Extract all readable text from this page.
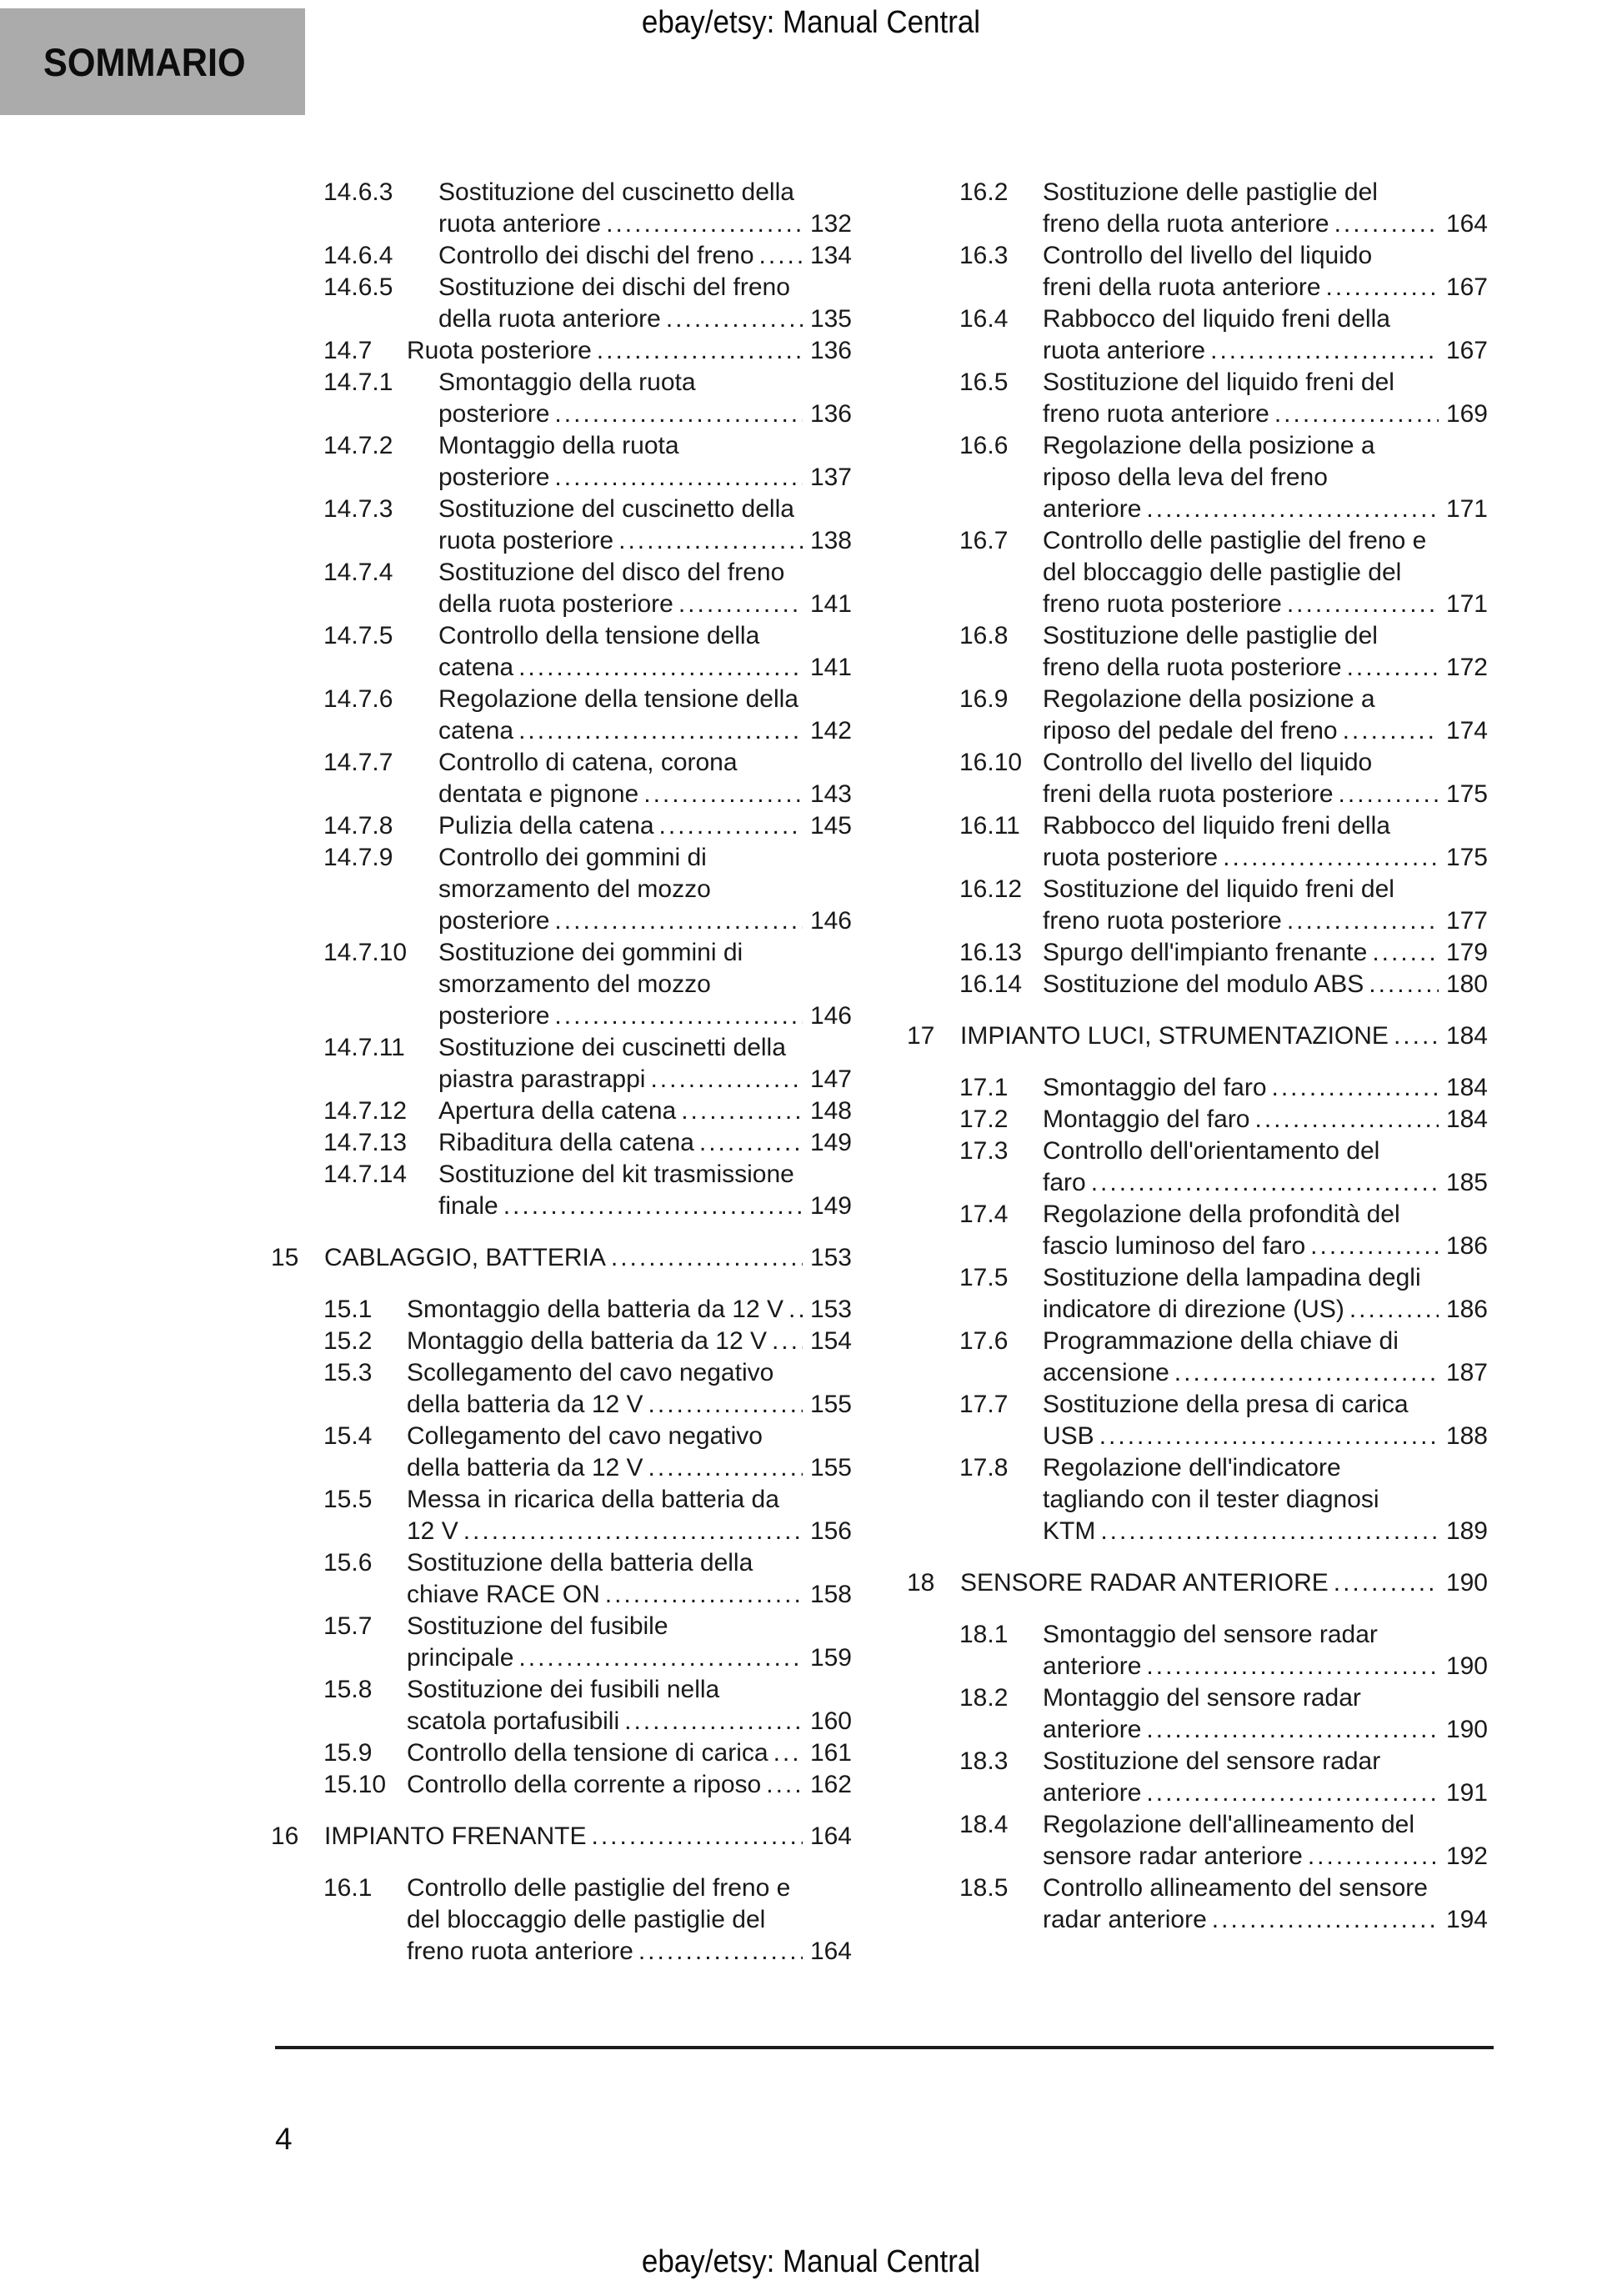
SOMMARIO
ebay/etsy: Manual Central
14.6.3	Sostituzione del cuscinetto della
ruota anteriore .....	132
14.6.4	Controllo dei dischi del freno .....	134
14.6.5	Sostituzione dei dischi del freno
della ruota anteriore .....	135
14.7	Ruota posteriore .....	136
14.7.1	Smontaggio della ruota
posteriore .....	136
14.7.2	Montaggio della ruota
posteriore .....	137
14.7.3	Sostituzione del cuscinetto della
ruota posteriore .....	138
14.7.4	Sostituzione del disco del freno
della ruota posteriore .....	141
14.7.5	Controllo della tensione della
catena .....	141
14.7.6	Regolazione della tensione della
catena .....	142
14.7.7	Controllo di catena, corona
dentata e pignone .....	143
14.7.8	Pulizia della catena .....	145
14.7.9	Controllo dei gommini di
smorzamento del mozzo
posteriore .....	146
14.7.10	Sostituzione dei gommini di
smorzamento del mozzo
posteriore .....	146
14.7.11	Sostituzione dei cuscinetti della
piastra parastrappi .....	147
14.7.12	Apertura della catena .....	148
14.7.13	Ribaditura della catena .....	149
14.7.14	Sostituzione del kit trasmissione
finale .....	149
15	CABLAGGIO, BATTERIA .....	153
15.1	Smontaggio della batteria da 12 V .....	153
15.2	Montaggio della batteria da 12 V .....	154
15.3	Scollegamento del cavo negativo
della batteria da 12 V .....	155
15.4	Collegamento del cavo negativo
della batteria da 12 V .....	155
15.5	Messa in ricarica della batteria da
12 V .....	156
15.6	Sostituzione della batteria della
chiave RACE ON .....	158
15.7	Sostituzione del fusibile
principale .....	159
15.8	Sostituzione dei fusibili nella
scatola portafusibili .....	160
15.9	Controllo della tensione di carica .....	161
15.10 Controllo della corrente a riposo .....	162
16	IMPIANTO FRENANTE .....	164
16.1	Controllo delle pastiglie del freno e
del bloccaggio delle pastiglie del
freno ruota anteriore .....	164
16.2	Sostituzione delle pastiglie del
freno della ruota anteriore .....	164
16.3	Controllo del livello del liquido
freni della ruota anteriore .....	167
16.4	Rabbocco del liquido freni della
ruota anteriore .....	167
16.5	Sostituzione del liquido freni del
freno ruota anteriore .....	169
16.6	Regolazione della posizione a
riposo della leva del freno
anteriore .....	171
16.7	Controllo delle pastiglie del freno e
del bloccaggio delle pastiglie del
freno ruota posteriore .....	171
16.8	Sostituzione delle pastiglie del
freno della ruota posteriore .....	172
16.9	Regolazione della posizione a
riposo del pedale del freno .....	174
16.10 Controllo del livello del liquido
freni della ruota posteriore .....	175
16.11 Rabbocco del liquido freni della
ruota posteriore .....	175
16.12 Sostituzione del liquido freni del
freno ruota posteriore .....	177
16.13 Spurgo dell'impianto frenante .....	179
16.14 Sostituzione del modulo ABS .....	180
17	IMPIANTO LUCI, STRUMENTAZIONE .....	184
17.1	Smontaggio del faro .....	184
17.2	Montaggio del faro .....	184
17.3	Controllo dell'orientamento del
faro .....	185
17.4	Regolazione della profondità del
fascio luminoso del faro .....	186
17.5	Sostituzione della lampadina degli
indicatore di direzione (US) .....	186
17.6	Programmazione della chiave di
accensione .....	187
17.7	Sostituzione della presa di carica
USB .....	188
17.8	Regolazione dell'indicatore
tagliando con il tester diagnosi
KTM .....	189
18	SENSORE RADAR ANTERIORE .....	190
18.1	Smontaggio del sensore radar
anteriore .....	190
18.2	Montaggio del sensore radar
anteriore .....	190
18.3	Sostituzione del sensore radar
anteriore .....	191
18.4	Regolazione dell'allineamento del
sensore radar anteriore .....	192
18.5	Controllo allineamento del sensore
radar anteriore .....	194
4
ebay/etsy: Manual Central
